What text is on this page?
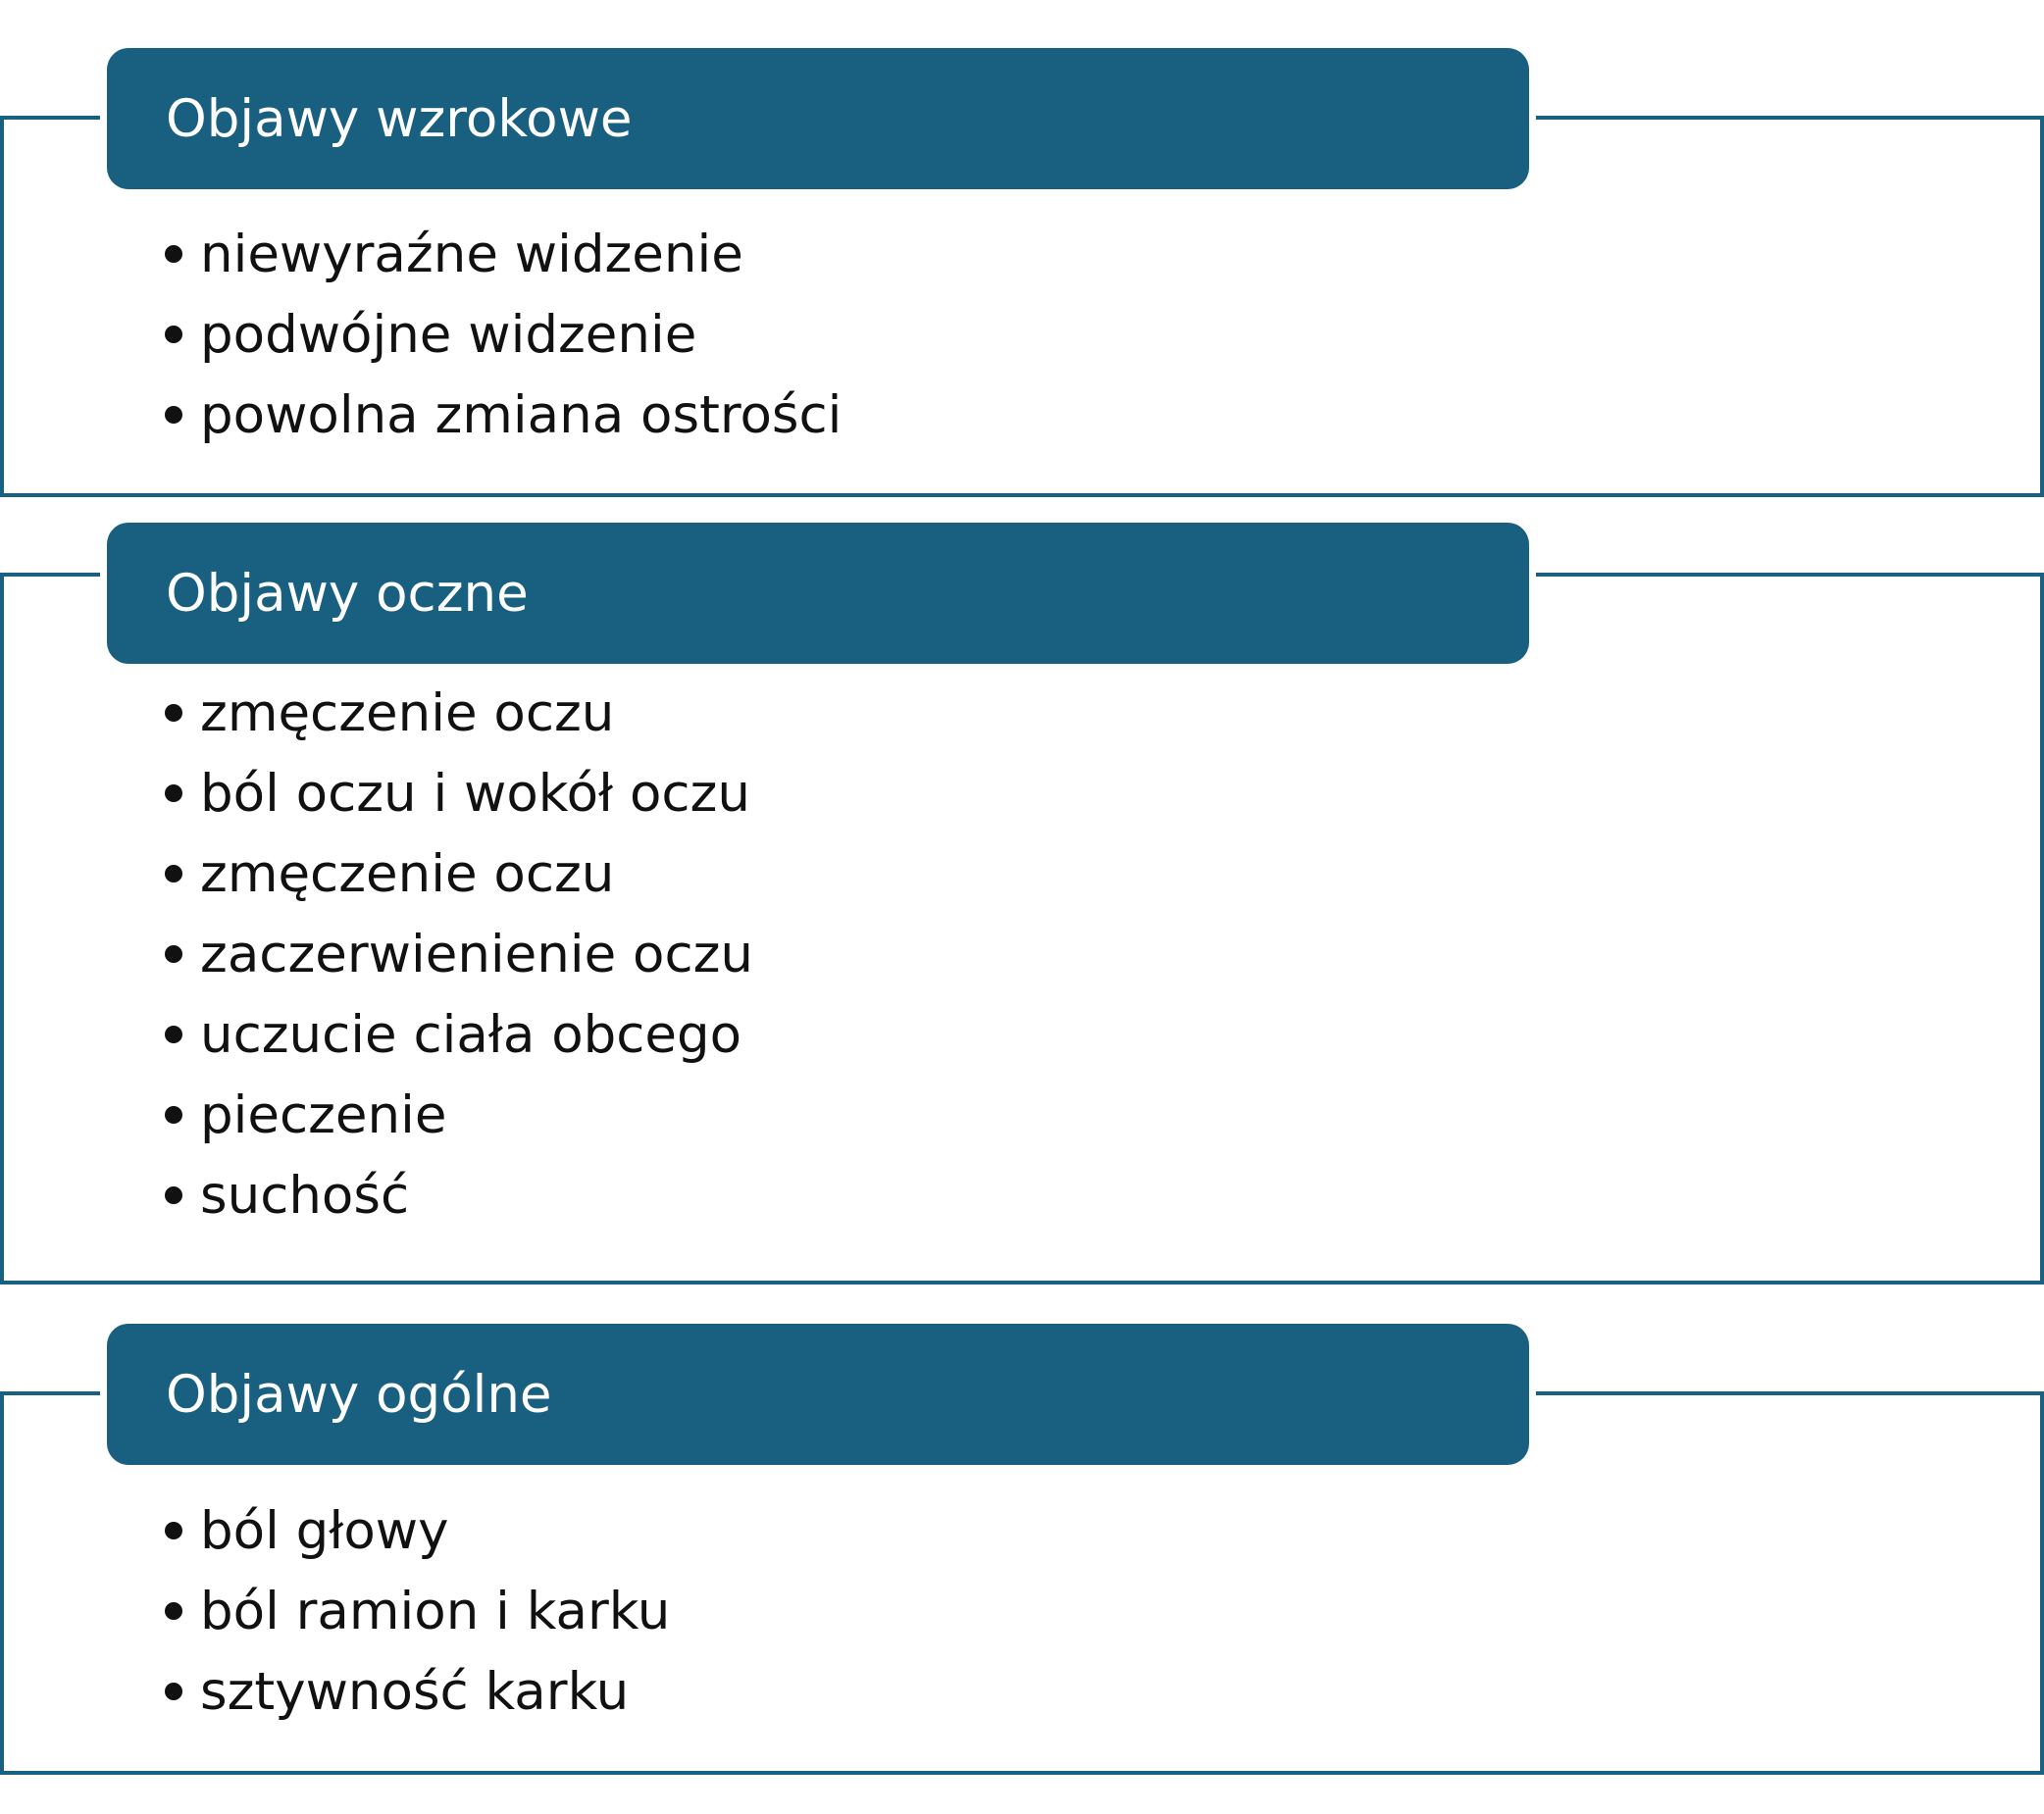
Objawy wzrokowe
niewyraźne widzenie
podwójne widzenie
powolna zmiana ostrości
Objawy oczne
zmęczenie oczu
ból oczu i wokół oczu
zmęczenie oczu
zaczerwienienie oczu
uczucie ciała obcego
pieczenie
suchość
Objawy ogólne
ból głowy
ból ramion i karku
sztywność karku
